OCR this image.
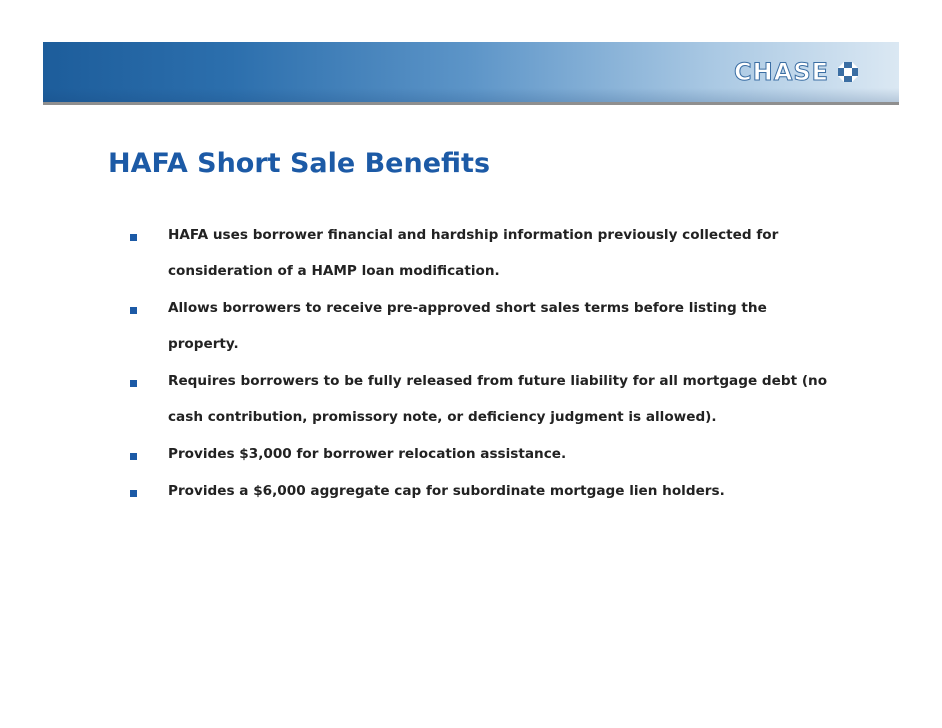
CHASE
HAFA Short Sale Benefits
HAFA uses borrower financial and hardship information previously collected for consideration of a HAMP loan modification.
Allows borrowers to receive pre-approved short sales terms before listing the property.
Requires borrowers to be fully released from future liability for all mortgage debt (no cash contribution, promissory note, or deficiency judgment is allowed).
Provides $3,000 for borrower relocation assistance.
Provides a $6,000 aggregate cap for subordinate mortgage lien holders.
